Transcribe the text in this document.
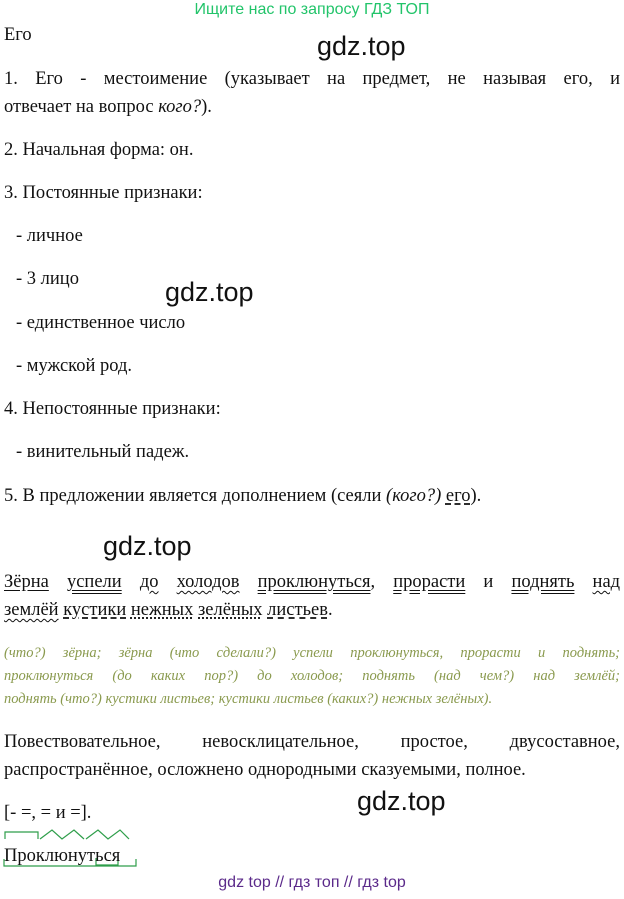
Ищите нас по запросу ГДЗ ТОП
Его	gdz.top
gdz.top
gdz.top
gdz.top
1. Его - местоимение (указывает на предмет, не называя его, и
отвечает на вопрос кого?).
2. Начальная форма: он.
3. Постоянные признаки:
- личное
- 3 лицо
- единственное число
- мужской род.
4. Непостоянные признаки:
- винительный падеж.
5. В предложении является дополнением (сеяли (кого?) его).
Зёрна успели до холодов проклюнуться, прорасти и поднять над
землёй кустики нежных зелёных листьев.
(что?) зёрна; зёрна (что сделали?) успели проклюнуться, прорасти и поднять;
проклюнуться (до каких пор?) до холодов; поднять (над чем?) над землёй;
поднять (что?) кустики листьев; кустики листьев (каких?) нежных зелёных).
Повествовательное, невосклицательное, простое, двусоставное,
распространённое, осложнено однородными сказуемыми, полное.
[- =, = и =].
Проклюнуться
gdz top // гдз топ // гдз top
